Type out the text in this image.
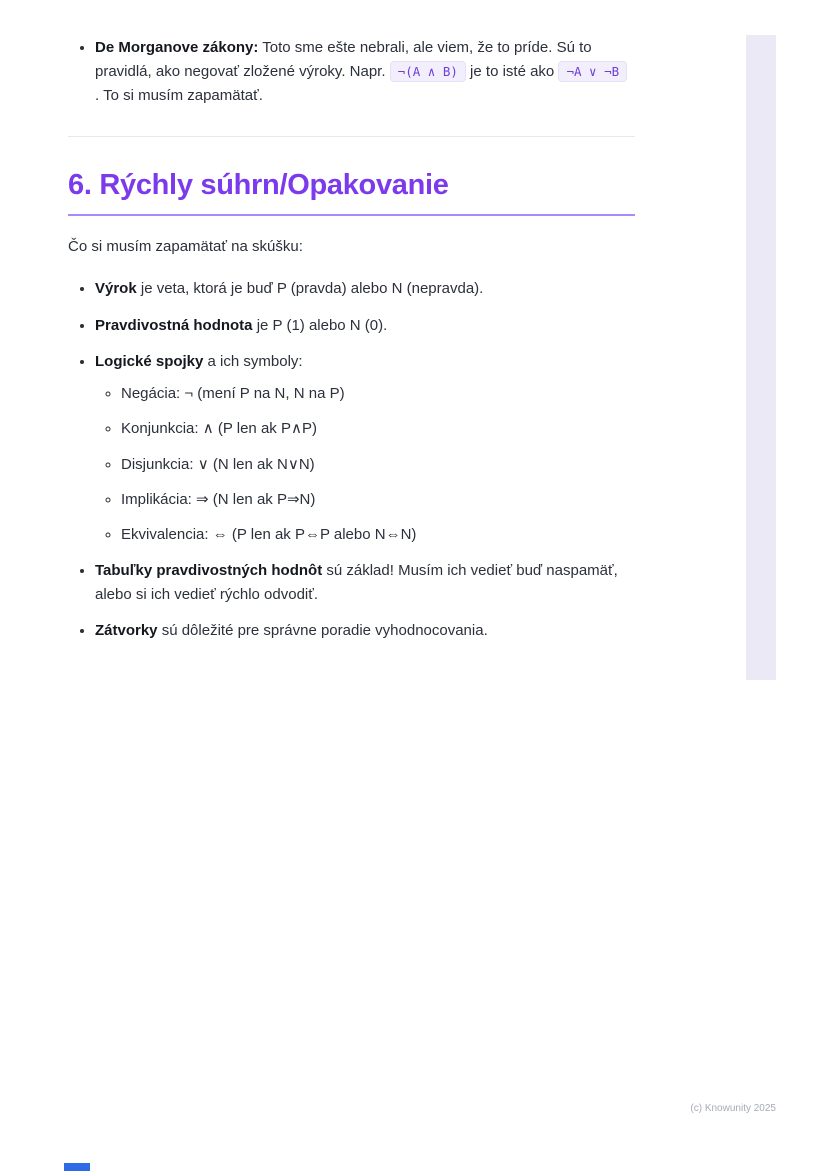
• De Morganove zákony: Toto sme ešte nebrali, ale viem, že to príde. Sú to pravidlá, ako negovať zložené výroky. Napr. ¬(A ∧ B) je to isté ako ¬A ∨ ¬B . To si musím zapamätať.
6. Rýchly súhrn/Opakovanie

Čo si musím zapamätať na skúšku:

• Výrok je veta, ktorá je buď P (pravda) alebo N (nepravda).
• Pravdivostná hodnota je P (1) alebo N (0).
• Logické spojky a ich symboly:
◦ Negácia: ¬ (mení P na N, N na P)
◦ Konjunkcia: ∧ (P len ak P∧P)
◦ Disjunkcia: ∨ (N len ak N∨N)
◦ Implikácia: ⇒ (N len ak P⇒N)
◦ Ekvivalencia: ⇔ (P len ak P⇔P alebo N⇔N)
• Tabuľky pravdivostných hodnôt sú základ! Musím ich vedieť buď naspamäť, alebo si ich vedieť rýchlo odvodiť.
• Zátvorky sú dôležité pre správne poradie vyhodnocovania.
(c) Knowunity 2025
